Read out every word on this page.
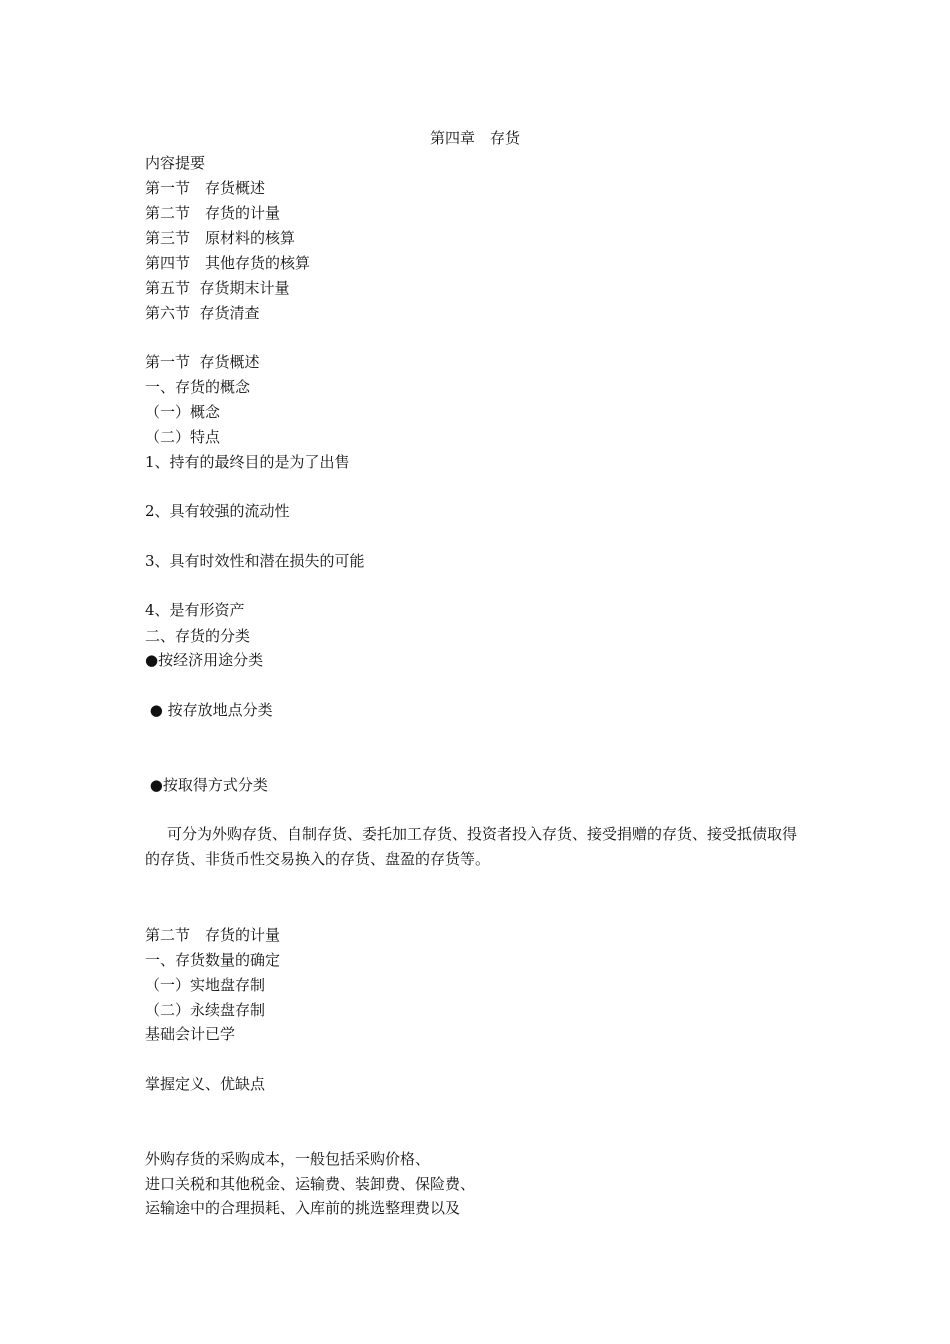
第四章　存货
内容提要
第一节　存货概述
第二节　存货的计量
第三节　原材料的核算
第四节　其他存货的核算
第五节  存货期末计量
第六节  存货清查
第一节  存货概述
一、存货的概念
（一）概念
（二）特点
1、持有的最终目的是为了出售
2、具有较强的流动性
3、具有时效性和潜在损失的可能
4、是有形资产
二、存货的分类
●按经济用途分类
● 按存放地点分类
●按取得方式分类
可分为外购存货、自制存货、委托加工存货、投资者投入存货、接受捐赠的存货、接受抵债取得的存货、非货币性交易换入的存货、盘盈的存货等。
第二节　存货的计量
一、存货数量的确定
（一）实地盘存制
（二）永续盘存制
基础会计已学
掌握定义、优缺点
外购存货的采购成本，一般包括采购价格、
进口关税和其他税金、运输费、装卸费、保险费、
运输途中的合理损耗、入库前的挑选整理费以及
